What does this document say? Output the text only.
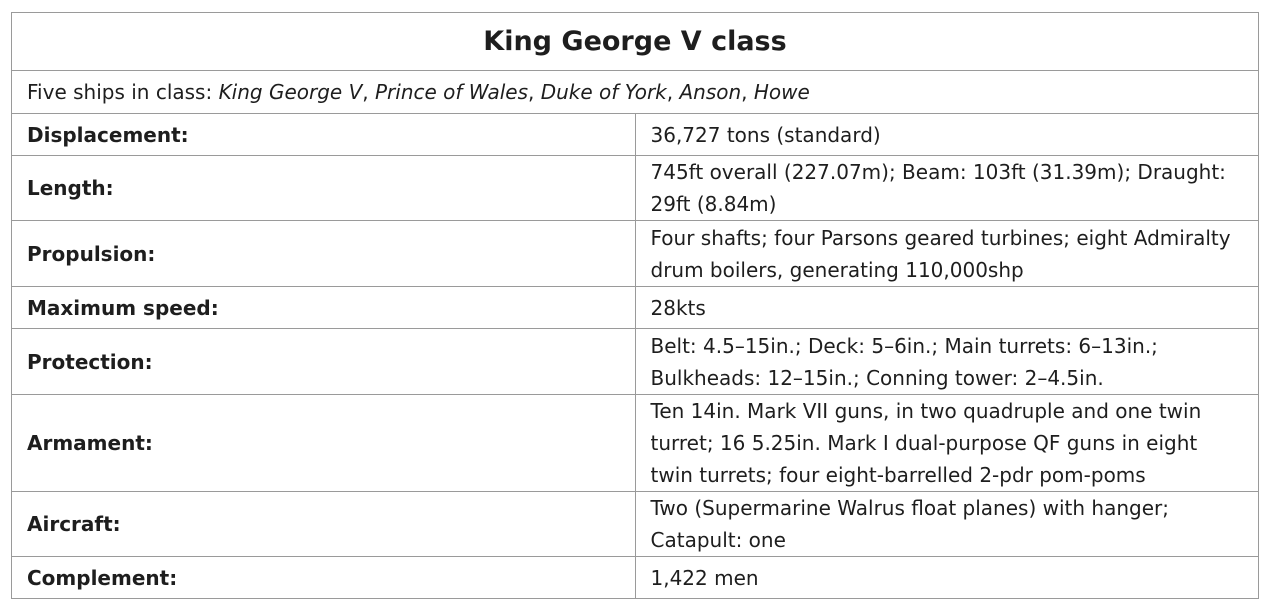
King George V class	
Five ships in class: King George V, Prince of Wales, Duke of York, Anson, Howe	
Displacement:	36,727 tons (standard)
Length:	745ft overall (227.07m); Beam: 103ft (31.39m); Draught: 29ft (8.84m)
Propulsion:	Four shafts; four Parsons geared turbines; eight Admiralty drum boilers, generating 110,000shp
Maximum speed:	28kts
Protection:	Belt: 4.5–15in.; Deck: 5–6in.; Main turrets: 6–13in.; Bulkheads: 12–15in.; Conning tower: 2–4.5in.
Armament:	Ten 14in. Mark VII guns, in two quadruple and one twin turret; 16 5.25in. Mark I dual-purpose QF guns in eight twin turrets; four eight-barrelled 2-pdr pom-poms
Aircraft:	Two (Supermarine Walrus float planes) with hanger; Catapult: one
Complement:	1,422 men
